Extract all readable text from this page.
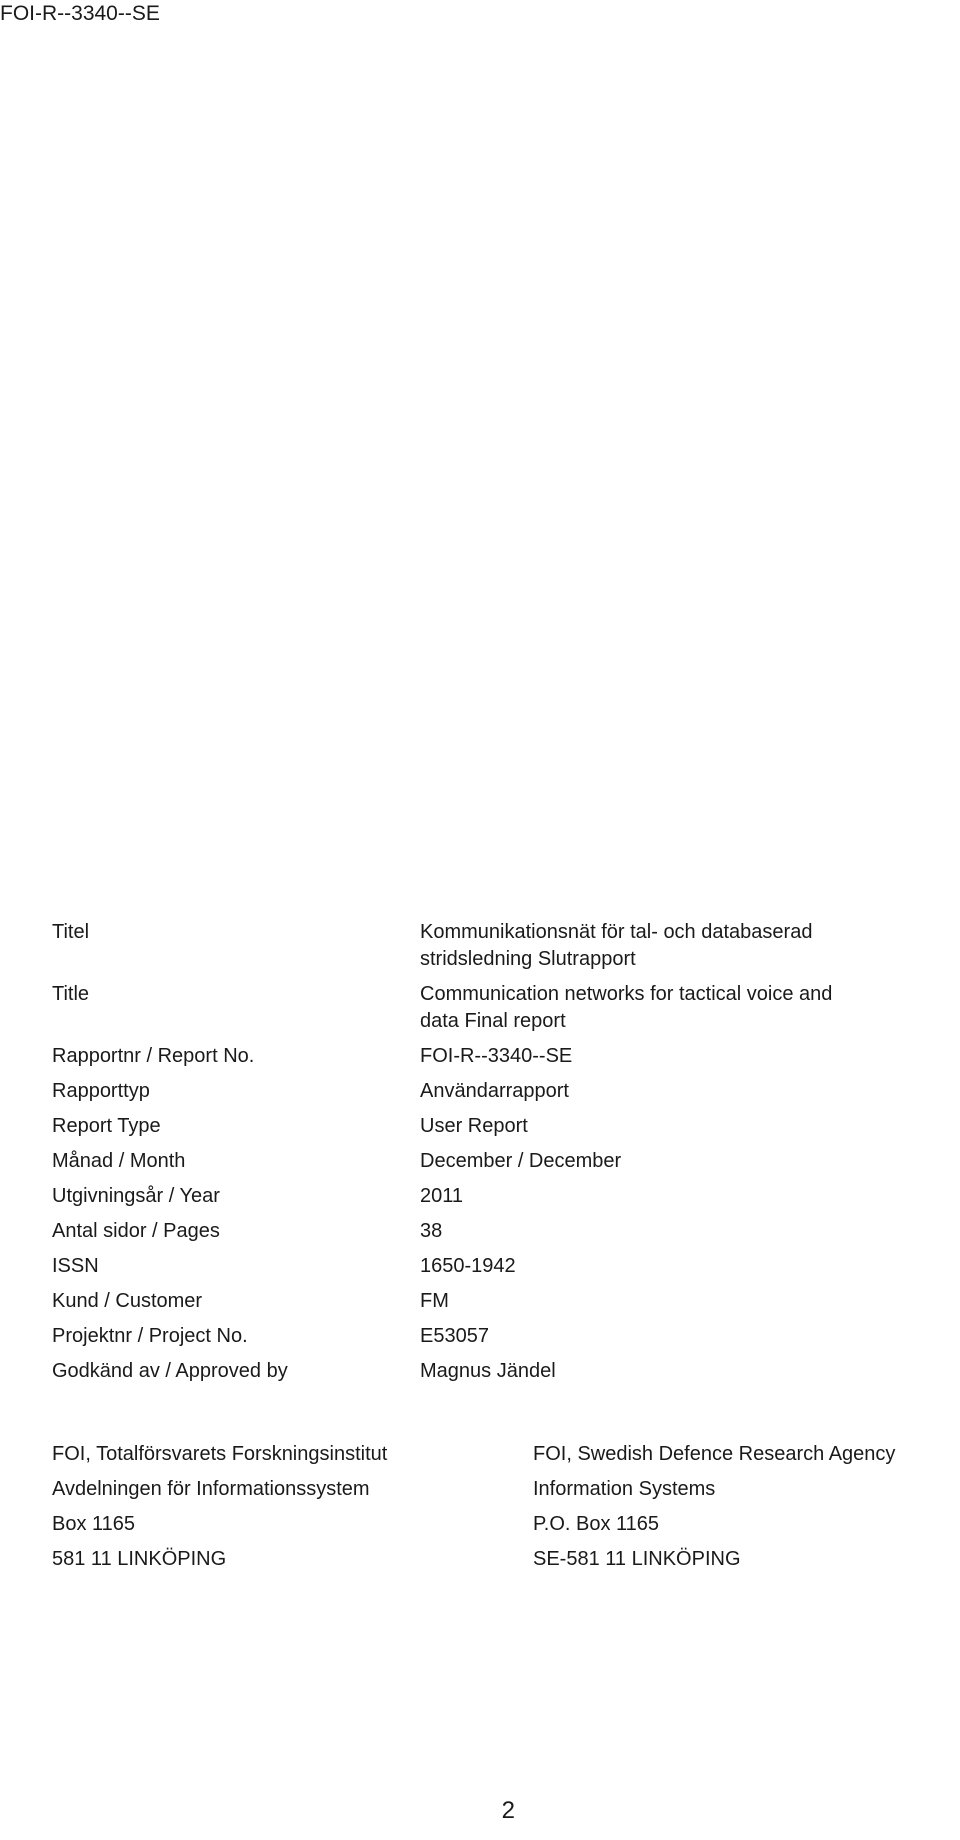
FOI-R--3340--SE
Titel	Kommunikationsnät för tal- och databaserad
stridsledning Slutrapport
Title	Communication networks for tactical voice and
data Final report
Rapportnr / Report No.	FOI-R--3340--SE
Rapporttyp	Användarrapport
Report Type	User Report
Månad / Month	December / December
Utgivningsår / Year	2011
Antal sidor / Pages	38
ISSN	1650-1942
Kund / Customer	FM
Projektnr / Project No.	E53057
Godkänd av / Approved by	Magnus Jändel
FOI, Totalförsvarets Forskningsinstitut	FOI, Swedish Defence Research Agency
Avdelningen för Informationssystem	Information Systems
Box 1165	P.O. Box 1165
581 11 LINKÖPING	SE-581 11 LINKÖPING
2
